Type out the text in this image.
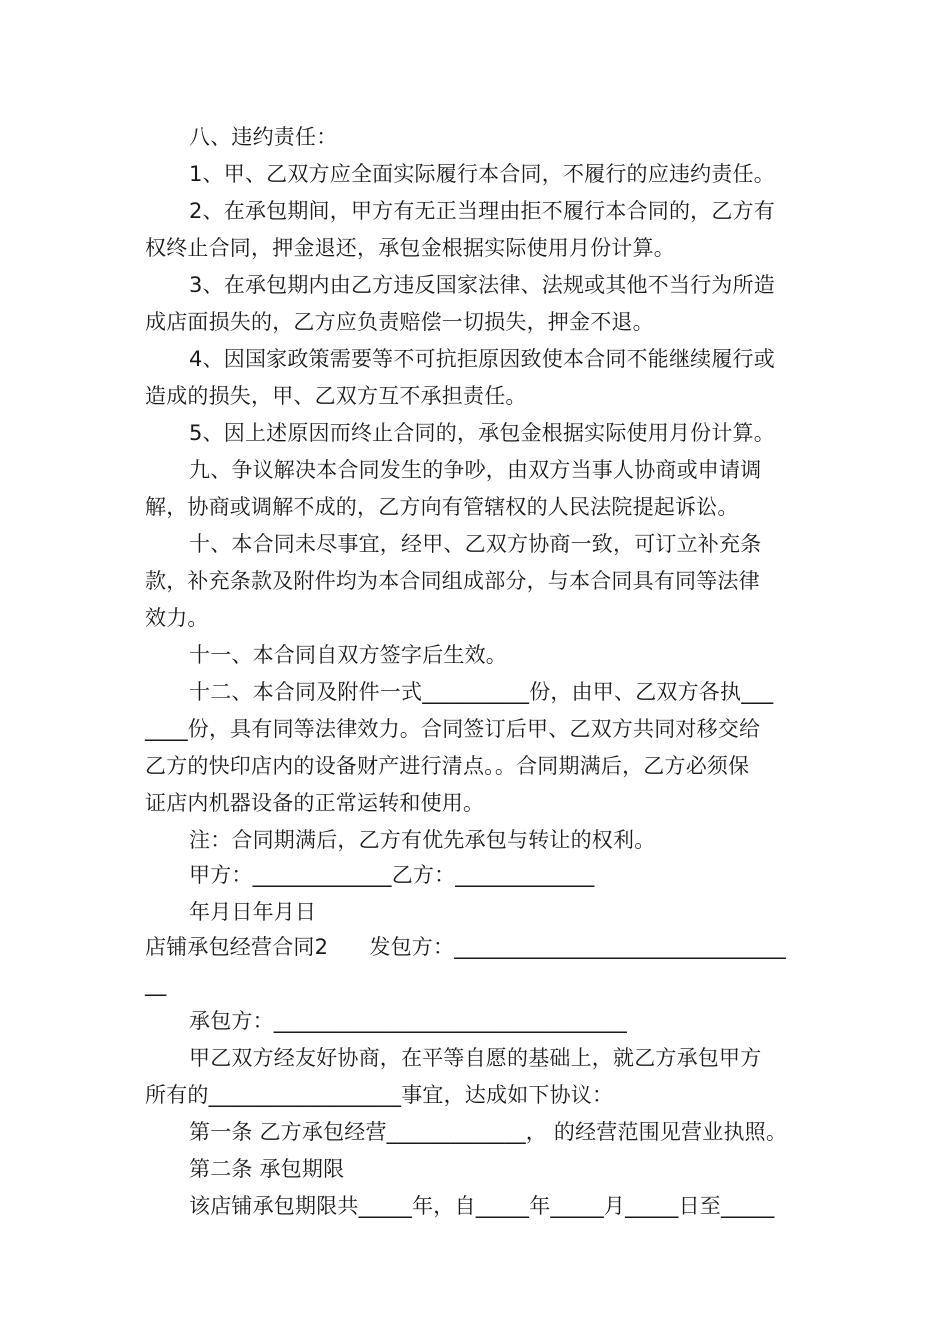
八、违约责任：
1、甲、乙双方应全面实际履行本合同，不履行的应违约责任。
2、在承包期间，甲方有无正当理由拒不履行本合同的，乙方有
权终止合同，押金退还，承包金根据实际使用月份计算。
3、在承包期内由乙方违反国家法律、法规或其他不当行为所造
成店面损失的，乙方应负责赔偿一切损失，押金不退。
4、因国家政策需要等不可抗拒原因致使本合同不能继续履行或
造成的损失，甲、乙双方互不承担责任。
5、因上述原因而终止合同的，承包金根据实际使用月份计算。
九、争议解决本合同发生的争吵，由双方当事人协商或申请调
解，协商或调解不成的，乙方向有管辖权的人民法院提起诉讼。
十、本合同未尽事宜，经甲、乙双方协商一致，可订立补充条
款，补充条款及附件均为本合同组成部分，与本合同具有同等法律
效力。
十一、本合同自双方签字后生效。
十二、本合同及附件一式__________份，由甲、乙双方各执___
____份，具有同等法律效力。合同签订后甲、乙双方共同对移交给
乙方的快印店内的设备财产进行清点。。合同期满后，乙方必须保
证店内机器设备的正常运转和使用。
注：合同期满后，乙方有优先承包与转让的权利。
甲方：_____________乙方：_____________
年月日年月日
店铺承包经营合同2      发包方：_______________________________
__
承包方：_________________________________
甲乙双方经友好协商，在平等自愿的基础上，就乙方承包甲方
所有的__________________事宜，达成如下协议：
第一条 乙方承包经营_____________， 的经营范围见营业执照。
第二条 承包期限
该店铺承包期限共_____年，自_____年_____月_____日至_____
